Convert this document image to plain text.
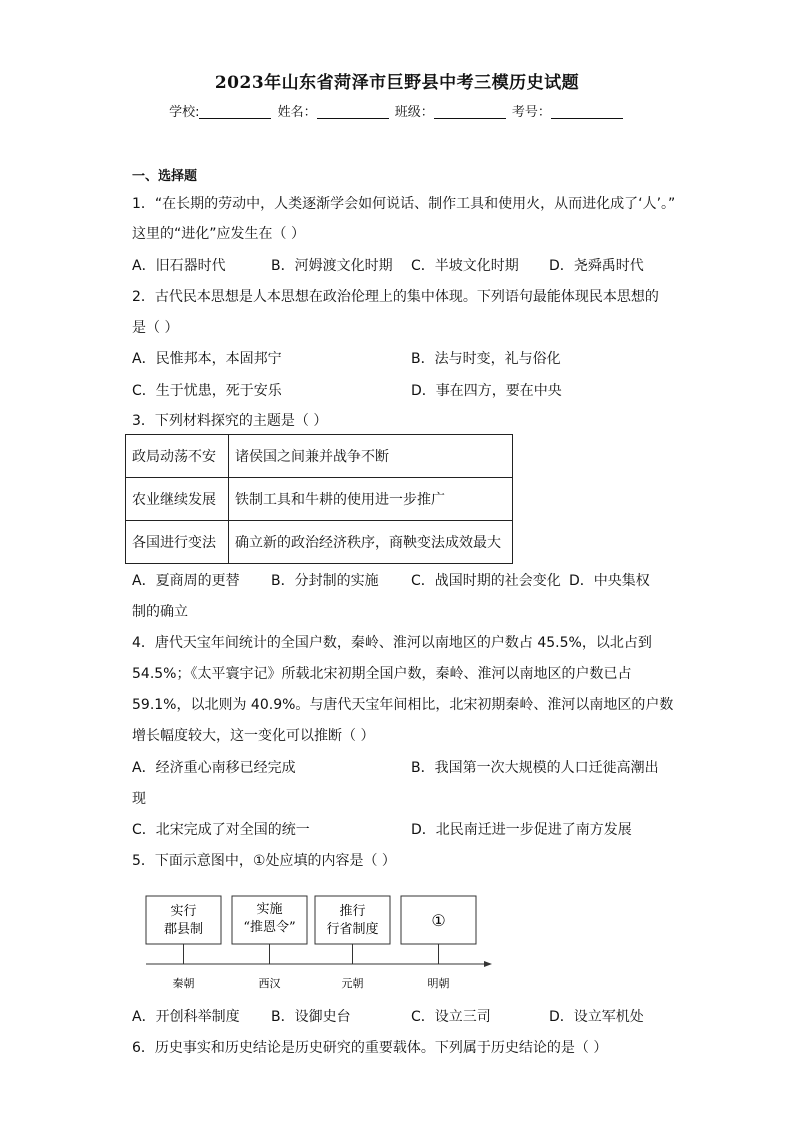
2023年山东省菏泽市巨野县中考三模历史试题
学校:	姓名：	班级：	考号：
一、选择题
1．“在长期的劳动中，人类逐渐学会如何说话、制作工具和使用火，从而进化成了‘人’。”
这里的“进化”应发生在（ ）
A．旧石器时代	B．河姆渡文化时期 C．半坡文化时期 D．尧舜禹时代
2．古代民本思想是人本思想在政治伦理上的集中体现。下列语句最能体现民本思想的
是（ ）
A．民惟邦本，本固邦宁	B．法与时变，礼与俗化
C．生于忧患，死于安乐	D．事在四方，要在中央
3．下列材料探究的主题是（ ）
政局动荡不安	诸侯国之间兼并战争不断
农业继续发展	铁制工具和牛耕的使用进一步推广
各国进行变法	确立新的政治经济秩序，商鞅变法成效最大
A．夏商周的更替 B．分封制的实施 C．战国时期的社会变化 D．中央集权
制的确立
4．唐代天宝年间统计的全国户数，秦岭、淮河以南地区的户数占 45.5%，以北占到
54.5%；《太平寰宇记》所载北宋初期全国户数，秦岭、淮河以南地区的户数已占
59.1%，以北则为 40.9%。与唐代天宝年间相比，北宋初期秦岭、淮河以南地区的户数
增长幅度较大，这一变化可以推断（ ）
A．经济重心南移已经完成	B．我国第一次大规模的人口迁徙高潮出
现
C．北宋完成了对全国的统一	D．北民南迁进一步促进了南方发展
5．下面示意图中，①处应填的内容是（ ）
实行
郡县制
实施
“推恩令”
推行
行省制度	①
秦朝	西汉	元朝	明朝
A．开创科举制度 B．设御史台	C．设立三司	D．设立军机处
6．历史事实和历史结论是历史研究的重要载体。下列属于历史结论的是（ ）
